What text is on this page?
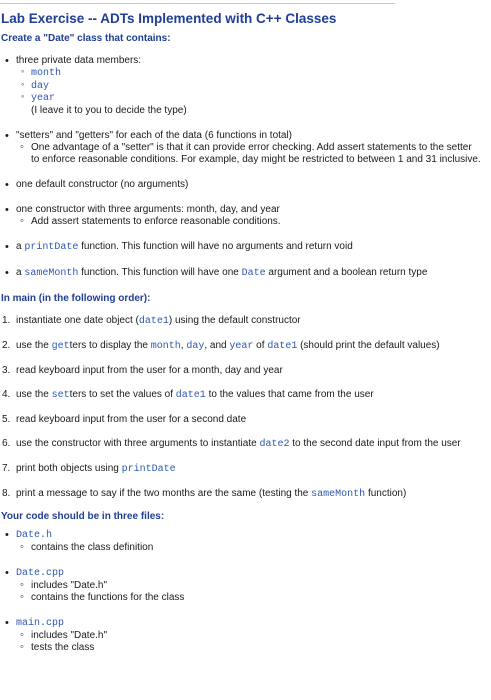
Lab Exercise -- ADTs Implemented with C++ Classes
Create a "Date" class that contains:
• three private data members:
◦ month
◦ day
◦ year
(I leave it to you to decide the type)
• "setters" and "getters" for each of the data (6 functions in total)
◦ One advantage of a "setter" is that it can provide error checking. Add assert statements to the setter to enforce reasonable conditions. For example, day might be restricted to between 1 and 31 inclusive.
• one default constructor (no arguments)
• one constructor with three arguments: month, day, and year
◦ Add assert statements to enforce reasonable conditions.
• a printDate function. This function will have no arguments and return void
• a sameMonth function. This function will have one Date argument and a boolean return type
In main (in the following order):
1. instantiate one date object (date1) using the default constructor
2. use the getters to display the month, day, and year of date1 (should print the default values)
3. read keyboard input from the user for a month, day and year
4. use the setters to set the values of date1 to the values that came from the user
5. read keyboard input from the user for a second date
6. use the constructor with three arguments to instantiate date2 to the second date input from the user
7. print both objects using printDate
8. print a message to say if the two months are the same (testing the sameMonth function)
Your code should be in three files:
• Date.h
◦ contains the class definition
• Date.cpp
◦ includes "Date.h"
◦ contains the functions for the class
• main.cpp
◦ includes "Date.h"
◦ tests the class
